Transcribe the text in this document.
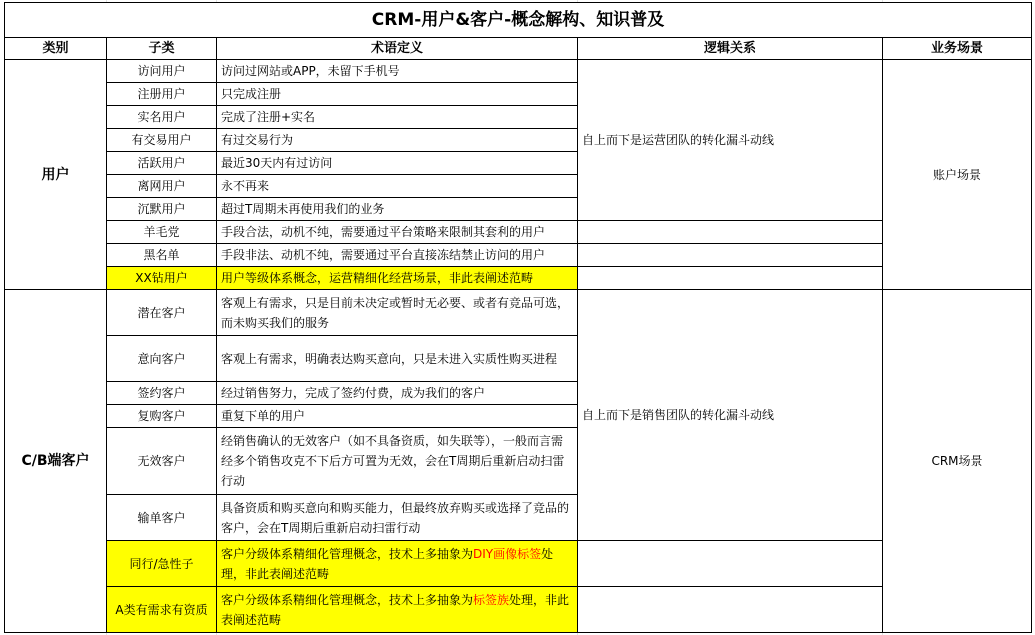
CRM-用户&客户-概念解构、知识普及				
类别	子类	术语定义	逻辑关系	业务场景
用户	访问用户	访问过网站或APP，未留下手机号	自上而下是运营团队的转化漏斗动线	账户场景
	注册用户	只完成注册		
	实名用户	完成了注册+实名		
	有交易用户	有过交易行为		
	活跃用户	最近30天内有过访问		
	离网用户	永不再来		
	沉默用户	超过T周期未再使用我们的业务		
	羊毛党	手段合法，动机不纯，需要通过平台策略来限制其套利的用户		
	黑名单	手段非法、动机不纯，需要通过平台直接冻结禁止访问的用户		
	XX钻用户	用户等级体系概念，运营精细化经营场景，非此表阐述范畴		
C/B端客户	潜在客户	客观上有需求，只是目前未决定或暂时无必要、或者有竞品可选，而未购买我们的服务	自上而下是销售团队的转化漏斗动线	CRM场景
	意向客户	客观上有需求，明确表达购买意向，只是未进入实质性购买进程		
	签约客户	经过销售努力，完成了签约付费，成为我们的客户		
	复购客户	重复下单的用户		
	无效客户	经销售确认的无效客户（如不具备资质，如失联等），一般而言需经多个销售攻克不下后方可置为无效，会在T周期后重新启动扫雷行动		
	输单客户	具备资质和购买意向和购买能力，但最终放弃购买或选择了竞品的客户，会在T周期后重新启动扫雷行动		
	同行/急性子	客户分级体系精细化管理概念，技术上多抽象为DIY画像标签处理，非此表阐述范畴		
	A类有需求有资质	客户分级体系精细化管理概念，技术上多抽象为标签族处理，非此表阐述范畴		
